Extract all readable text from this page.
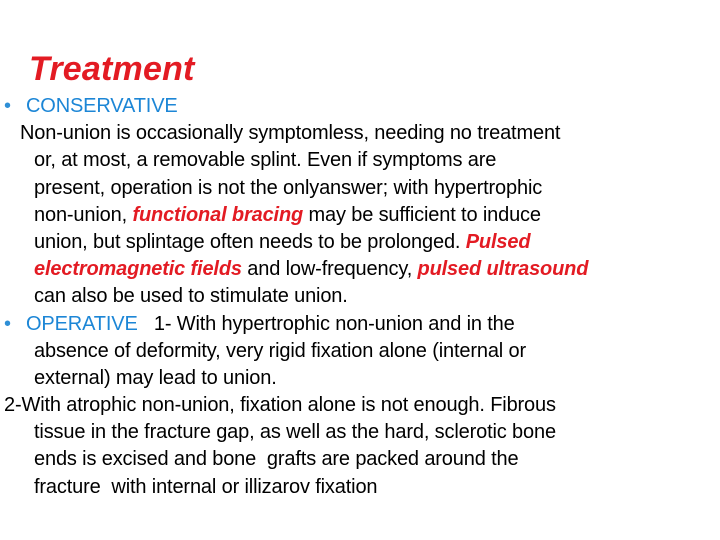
Treatment
• CONSERVATIVE
Non-union is occasionally symptomless, needing no treatment
or, at most, a removable splint. Even if symptoms are
present, operation is not the onlyanswer; with hypertrophic
non-union, functional bracing may be sufficient to induce
union, but splintage often needs to be prolonged. Pulsed
electromagnetic fields and low-frequency, pulsed ultrasound
can also be used to stimulate union.
• OPERATIVE   1- With hypertrophic non-union and in the
absence of deformity, very rigid fixation alone (internal or
external) may lead to union.
2-With atrophic non-union, fixation alone is not enough. Fibrous
tissue in the fracture gap, as well as the hard, sclerotic bone
ends is excised and bone  grafts are packed around the
fracture  with internal or illizarov fixation
